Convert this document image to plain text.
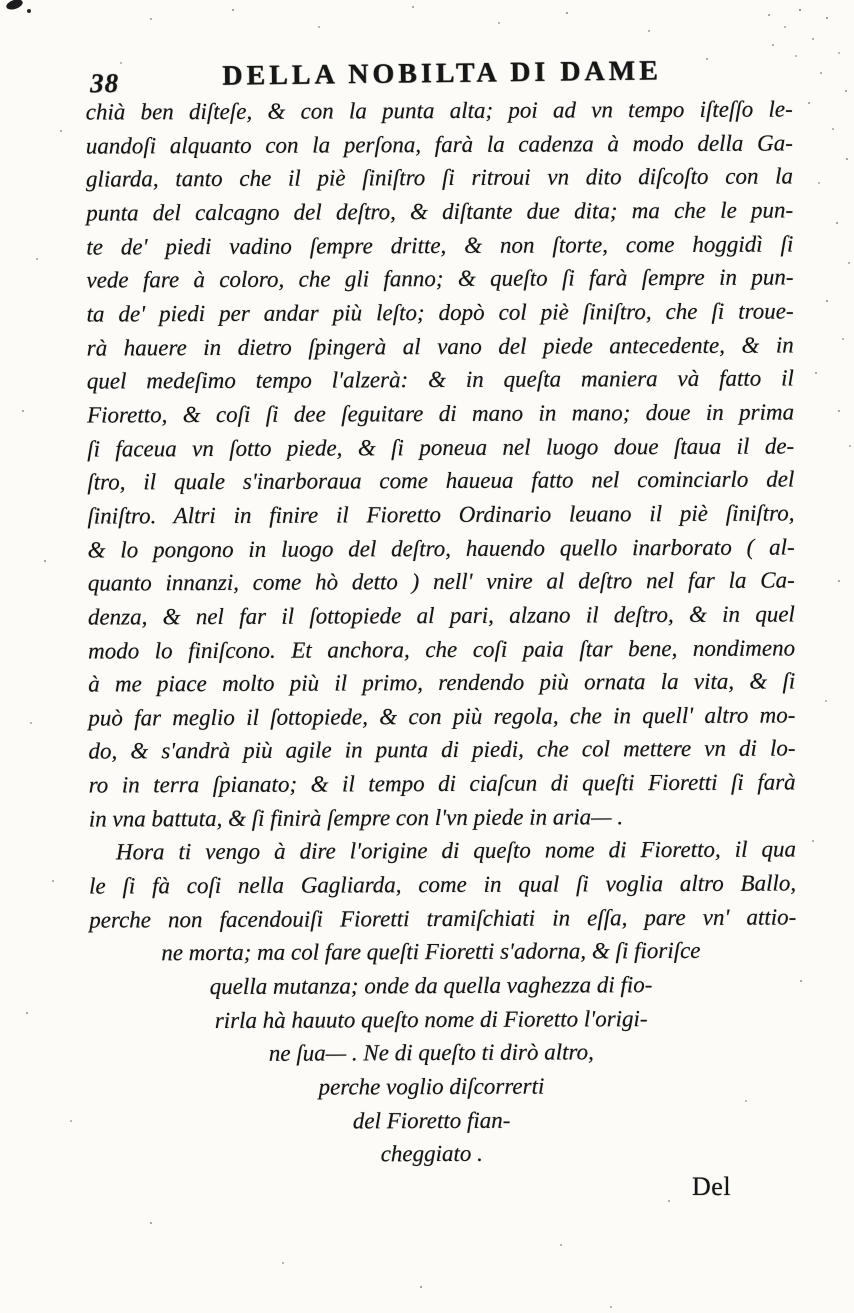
38	DELLA NOBILTA DI DAME
chià ben diſteſe, & con la punta alta; poi ad vn tempo iſteſſo le-
uandoſi alquanto con la perſona, farà la cadenza à modo della Ga-
gliarda, tanto che il piè ſiniſtro ſi ritroui vn dito diſcoſto con la
punta del calcagno del deſtro, & diſtante due dita; ma che le pun-
te de' piedi vadino ſempre dritte, & non ſtorte, come hoggidì ſi
vede fare à coloro, che gli fanno; & queſto ſi farà ſempre in pun-
ta de' piedi per andar più leſto; dopò col piè ſiniſtro, che ſi troue-
rà hauere in dietro ſpingerà al vano del piede antecedente, & in
quel medeſimo tempo l'alzerà: & in queſta maniera và fatto il
Fioretto, & coſi ſi dee ſeguitare di mano in mano; doue in prima
ſi faceua vn ſotto piede, & ſi poneua nel luogo doue ſtaua il de-
ſtro, il quale s'inarboraua come haueua fatto nel cominciarlo del
ſiniſtro. Altri in finire il Fioretto Ordinario leuano il piè ſiniſtro,
& lo pongono in luogo del deſtro, hauendo quello inarborato ( al-
quanto innanzi, come hò detto ) nell' vnire al deſtro nel far la Ca-
denza, & nel far il ſottopiede al pari, alzano il deſtro, & in quel
modo lo finiſcono. Et anchora, che coſi paia ſtar bene, nondimeno
à me piace molto più il primo, rendendo più ornata la vita, & ſi
può far meglio il ſottopiede, & con più regola, che in quell' altro mo-
do, & s'andrà più agile in punta di piedi, che col mettere vn di lo-
ro in terra ſpianato; & il tempo di ciaſcun di queſti Fioretti ſi farà
in vna battuta, & ſi finirà ſempre con l'vn piede in aria— .
Hora ti vengo à dire l'origine di queſto nome di Fioretto, il qua
le ſi fà coſi nella Gagliarda, come in qual ſi voglia altro Ballo,
perche non facendouiſi Fioretti tramiſchiati in eſſa, pare vn' attio-
ne morta; ma col fare queſti Fioretti s'adorna, & ſi fioriſce
quella mutanza; onde da quella vaghezza di fio-
rirla hà hauuto queſto nome di Fioretto l'origi-
ne ſua— . Ne di queſto ti dirò altro,
perche voglio diſcorrerti
del Fioretto fian-
cheggiato .
Del
